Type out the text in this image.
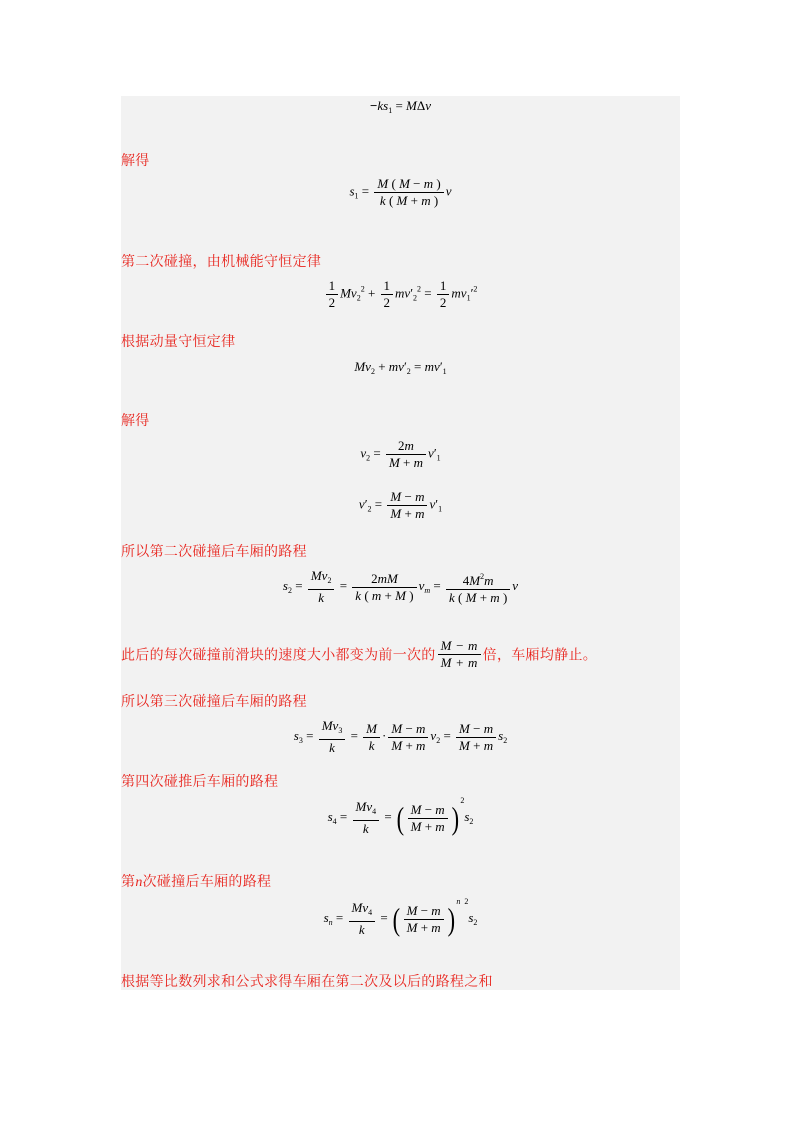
$-ks_1 = M\Delta v$
解得
$s_1 = \frac{M ( M - m )}{k ( M + m )}$ v
第二次碰撞，由机械能守恒定律
$\frac{1}{2} Mv_2^2 + \frac{1}{2} mv'_2^2 = \frac{1}{2} mv_1'^2$
根据动量守恒定律
$Mv_2 + mv'_2 = mv'_1$
解得
$v_2 = \frac{2m}{M + m} v'_1$
$v'_2 = \frac{M - m}{M + m} v'_1$
所以第二次碰撞后车厢的路程
$s_2 = \frac{Mv_2}{k} = \frac{2mM}{k ( m + M )} v_m = \frac{4M^2m}{k ( M + m )}$ v
此后的每次碰撞前滑块的速度大小都变为前一次的 $\frac{M - m}{M + m}$ 倍，车厢均静止。
所以第三次碰撞后车厢的路程
$s_3 = \frac{Mv_3}{k} = \frac{M}{k} \cdot \frac{M - m}{M + m} v_2 = \frac{M - m}{M + m} s_2$
第四次碰推后车厢的路程
$s_4 = \frac{Mv_4}{k}$ = ( $\frac{M - m}{M + m}$ ) $^2s_2$
第n次碰撞后车厢的路程
$s_n = \frac{Mv_4}{k}$ = ( $\frac{M - m}{M + m}$ ) $^{n 2}s_2$
根据等比数列求和公式求得车厢在第二次及以后的路程之和
